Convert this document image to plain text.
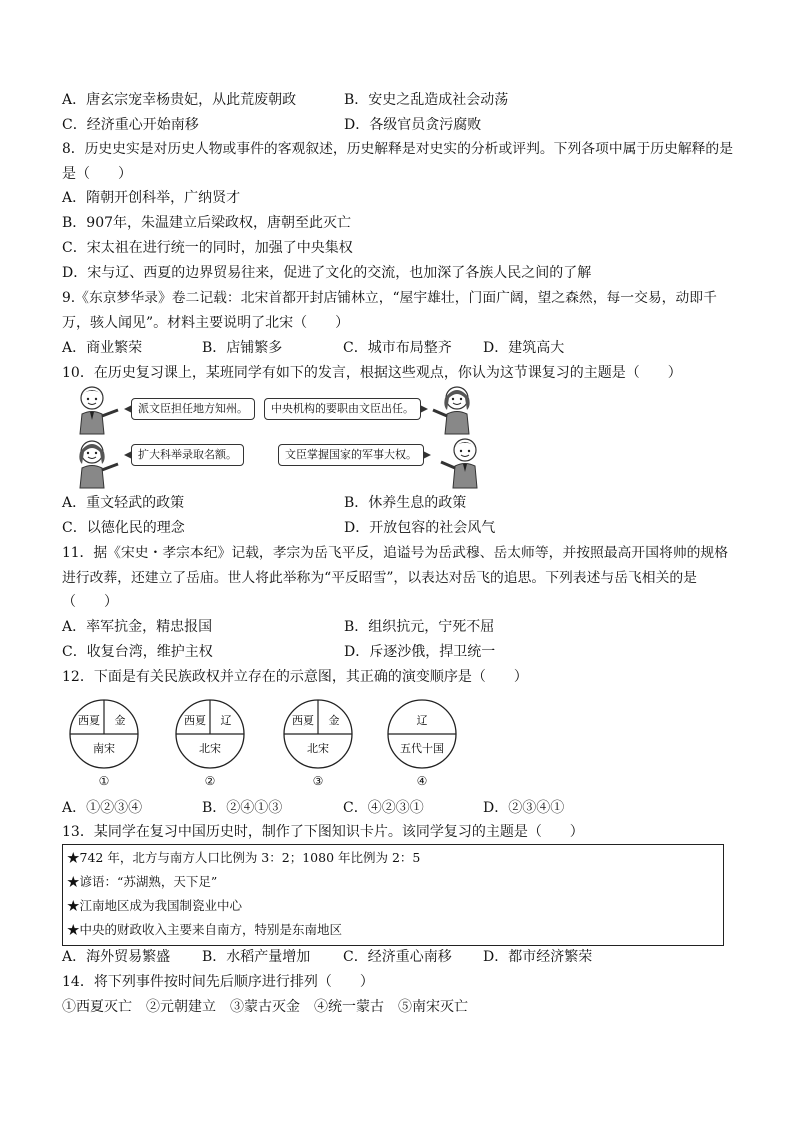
A．唐玄宗宠幸杨贵妃，从此荒废朝政	B．安史之乱造成社会动荡
C．经济重心开始南移	D．各级官员贪污腐败
8．历史史实是对历史人物或事件的客观叙述，历史解释是对史实的分析或评判。下列各项中属于历史解释的是
是（　　）
A．隋朝开创科举，广纳贤才
B．907年，朱温建立后梁政权，唐朝至此灭亡
C．宋太祖在进行统一的同时，加强了中央集权
D．宋与辽、西夏的边界贸易往来，促进了文化的交流，也加深了各族人民之间的了解
9.《东京梦华录》卷二记载：北宋首都开封店铺林立，“屋宇雄壮，门面广阔，望之森然，每一交易，动即千
万，骇人闻见”。材料主要说明了北宋（　　）
A．商业繁荣	B．店铺繁多	C．城市布局整齐 D．建筑高大
10．在历史复习课上，某班同学有如下的发言，根据这些观点，你认为这节课复习的主题是（　　）
派文臣担任地方知州。	中央机构的要职由文臣出任。
扩大科举录取名额。	文臣掌握国家的军事大权。
A．重文轻武的政策	B．休养生息的政策
C．以德化民的理念	D．开放包容的社会风气
11．据《宋史・孝宗本纪》记载，孝宗为岳飞平反，追谥号为岳武穆、岳太师等，并按照最高开国将帅的规格
进行改葬，还建立了岳庙。世人将此举称为“平反昭雪”，以表达对岳飞的追思。下列表述与岳飞相关的是
（　　）
A．率军抗金，精忠报国	B．组织抗元，宁死不屈
C．收复台湾，维护主权	D．斥逐沙俄，捍卫统一
12．下面是有关民族政权并立存在的示意图，其正确的演变顺序是（　　）
西夏 金
南宋
①
西夏 辽
北宋
②
西夏 金
北宋
③
辽
五代十国
④
A．①②③④	B．②④①③	C．④②③①	D．②③④①
13．某同学在复习中国历史时，制作了下图知识卡片。该同学复习的主题是（　　）
★742 年，北方与南方人口比例为 3：2；1080 年比例为 2：5
★谚语：“苏湖熟，天下足”
★江南地区成为我国制瓷业中心
★中央的财政收入主要来自南方，特别是东南地区
A．海外贸易繁盛 B．水稻产量增加 C．经济重心南移 D．都市经济繁荣
14．将下列事件按时间先后顺序进行排列（　　）
①西夏灭亡　②元朝建立　③蒙古灭金　④统一蒙古　⑤南宋灭亡
